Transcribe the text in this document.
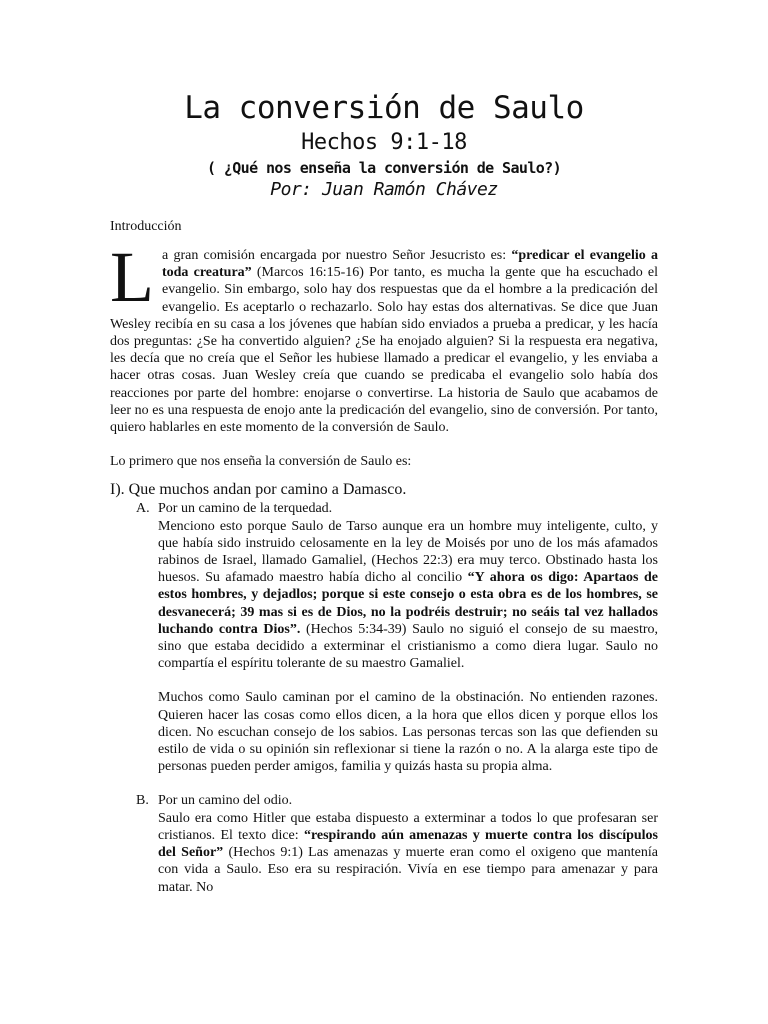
La conversión de Saulo
Hechos 9:1-18
( ¿Qué nos enseña la conversión de Saulo?)
Por: Juan Ramón Chávez
Introducción

La gran comisión encargada por nuestro Señor Jesucristo es: “predicar el evangelio a toda creatura” (Marcos 16:15-16) Por tanto, es mucha la gente que ha escuchado el evangelio. Sin embargo, solo hay dos respuestas que da el hombre a la predicación del evangelio. Es aceptarlo o rechazarlo. Solo hay estas dos alternativas. Se dice que Juan Wesley recibía en su casa a los jóvenes que habían sido enviados a prueba a predicar, y les hacía dos preguntas: ¿Se ha convertido alguien? ¿Se ha enojado alguien? Si la respuesta era negativa, les decía que no creía que el Señor les hubiese llamado a predicar el evangelio, y les enviaba a hacer otras cosas. Juan Wesley creía que cuando se predicaba el evangelio solo había dos reacciones por parte del hombre: enojarse o convertirse. La historia de Saulo que acabamos de leer no es una respuesta de enojo ante la predicación del evangelio, sino de conversión. Por tanto, quiero hablarles en este momento de la conversión de Saulo.

Lo primero que nos enseña la conversión de Saulo es:

I). Que muchos andan por camino a Damasco.
A. Por un camino de la terquedad.

Menciono esto porque Saulo de Tarso aunque era un hombre muy inteligente, culto, y que había sido instruido celosamente en la ley de Moisés por uno de los más afamados rabinos de Israel, llamado Gamaliel, (Hechos 22:3) era muy terco. Obstinado hasta los huesos. Su afamado maestro había dicho al concilio “Y ahora os digo: Apartaos de estos hombres, y dejadlos; porque si este consejo o esta obra es de los hombres, se desvanecerá; 39 mas si es de Dios, no la podréis destruir; no seáis tal vez hallados luchando contra Dios”. (Hechos 5:34-39) Saulo no siguió el consejo de su maestro, sino que estaba decidido a exterminar el cristianismo a como diera lugar. Saulo no compartía el espíritu tolerante de su maestro Gamaliel.

Muchos como Saulo caminan por el camino de la obstinación. No entienden razones. Quieren hacer las cosas como ellos dicen, a la hora que ellos dicen y porque ellos los dicen. No escuchan consejo de los sabios. Las personas tercas son las que defienden su estilo de vida o su opinión sin reflexionar si tiene la razón o no. A la alarga este tipo de personas pueden perder amigos, familia y quizás hasta su propia alma.

B. Por un camino del odio.

Saulo era como Hitler que estaba dispuesto a exterminar a todos lo que profesaran ser cristianos. El texto dice: “respirando aún amenazas y muerte contra los discípulos del Señor” (Hechos 9:1) Las amenazas y muerte eran como el oxigeno que mantenía con vida a Saulo. Eso era su respiración. Vivía en ese tiempo para amenazar y para matar. No
